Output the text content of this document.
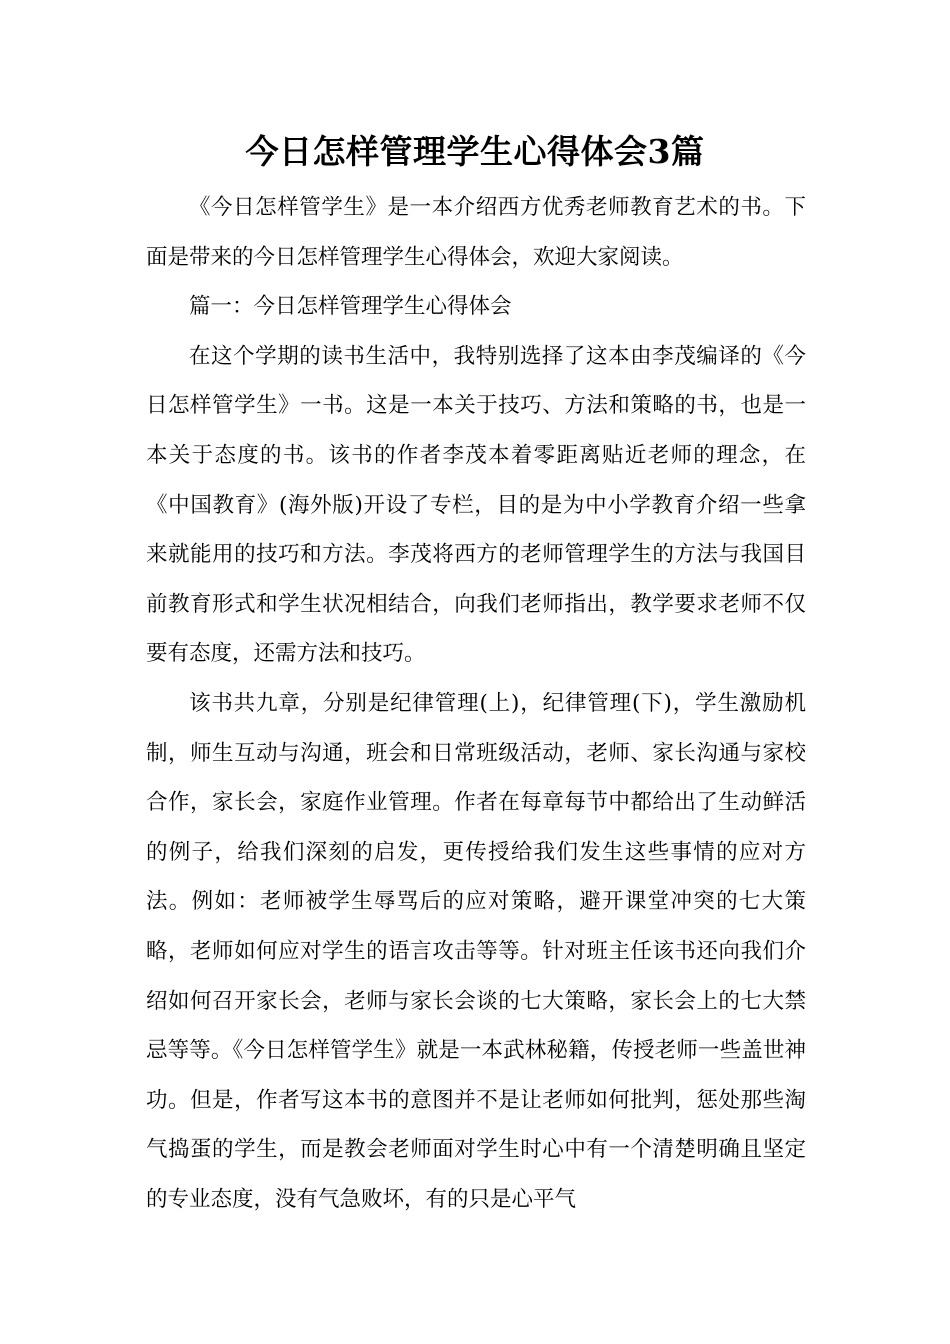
今日怎样管理学生心得体会3篇

《今日怎样管学生》是一本介绍西方优秀老师教育艺术的书。下面是带来的今日怎样管理学生心得体会，欢迎大家阅读。

篇一：今日怎样管理学生心得体会

在这个学期的读书生活中，我特别选择了这本由李茂编译的《今日怎样管学生》一书。这是一本关于技巧、方法和策略的书，也是一本关于态度的书。该书的作者李茂本着零距离贴近老师的理念，在《中国教育》(海外版)开设了专栏，目的是为中小学教育介绍一些拿来就能用的技巧和方法。李茂将西方的老师管理学生的方法与我国目前教育形式和学生状况相结合，向我们老师指出，教学要求老师不仅要有态度，还需方法和技巧。

该书共九章，分别是纪律管理(上)，纪律管理(下)，学生激励机制，师生互动与沟通，班会和日常班级活动，老师、家长沟通与家校合作，家长会，家庭作业管理。作者在每章每节中都给出了生动鲜活的例子，给我们深刻的启发，更传授给我们发生这些事情的应对方法。例如：老师被学生辱骂后的应对策略，避开课堂冲突的七大策略，老师如何应对学生的语言攻击等等。针对班主任该书还向我们介绍如何召开家长会，老师与家长会谈的七大策略，家长会上的七大禁忌等等。《今日怎样管学生》就是一本武林秘籍，传授老师一些盖世神功。但是，作者写这本书的意图并不是让老师如何批判，惩处那些淘气捣蛋的学生，而是教会老师面对学生时心中有一个清楚明确且坚定的专业态度，没有气急败坏，有的只是心平气
